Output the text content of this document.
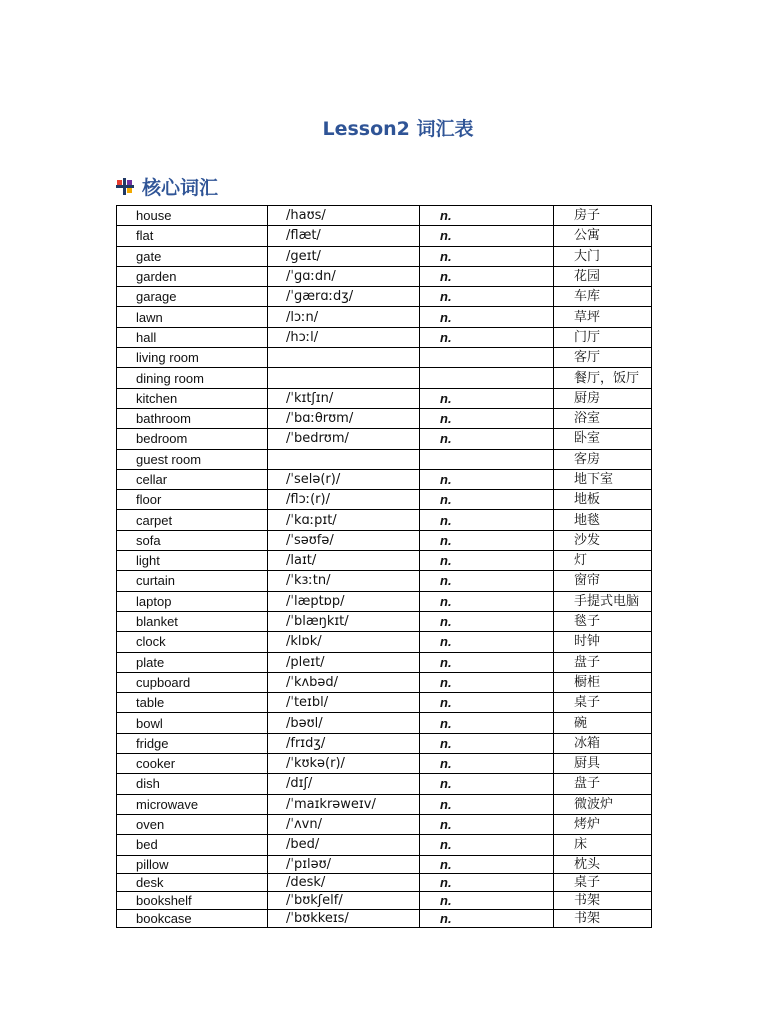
Lesson2 词汇表
核心词汇
house	/haʊs/	n.	房子
flat	/flæt/	n.	公寓
gate	/geɪt/	n.	大门
garden	/ˈɡɑːdn/	n.	花园
garage	/ˈɡærɑːdʒ/	n.	车库
lawn	/lɔːn/	n.	草坪
hall	/hɔːl/	n.	门厅
living room			客厅
dining room			餐厅，饭厅
kitchen	/ˈkɪtʃɪn/	n.	厨房
bathroom	/ˈbɑːθrʊm/	n.	浴室
bedroom	/ˈbedrʊm/	n.	卧室
guest room			客房
cellar	/ˈselə(r)/	n.	地下室
floor	/flɔː(r)/	n.	地板
carpet	/ˈkɑːpɪt/	n.	地毯
sofa	/ˈsəʊfə/	n.	沙发
light	/laɪt/	n.	灯
curtain	/ˈkɜːtn/	n.	窗帘
laptop	/ˈlæptɒp/	n.	手提式电脑
blanket	/ˈblæŋkɪt/	n.	毯子
clock	/klɒk/	n.	时钟
plate	/pleɪt/	n.	盘子
cupboard	/ˈkʌbəd/	n.	橱柜
table	/ˈteɪbl/	n.	桌子
bowl	/bəʊl/	n.	碗
fridge	/frɪdʒ/	n.	冰箱
cooker	/ˈkʊkə(r)/	n.	厨具
dish	/dɪʃ/	n.	盘子
microwave	/ˈmaɪkrəweɪv/	n.	微波炉
oven	/ˈʌvn/	n.	烤炉
bed	/bed/	n.	床
pillow	/ˈpɪləʊ/	n.	枕头
desk	/desk/	n.	桌子
bookshelf	/ˈbʊkʃelf/	n.	书架
bookcase	/ˈbʊkkeɪs/	n.	书架
